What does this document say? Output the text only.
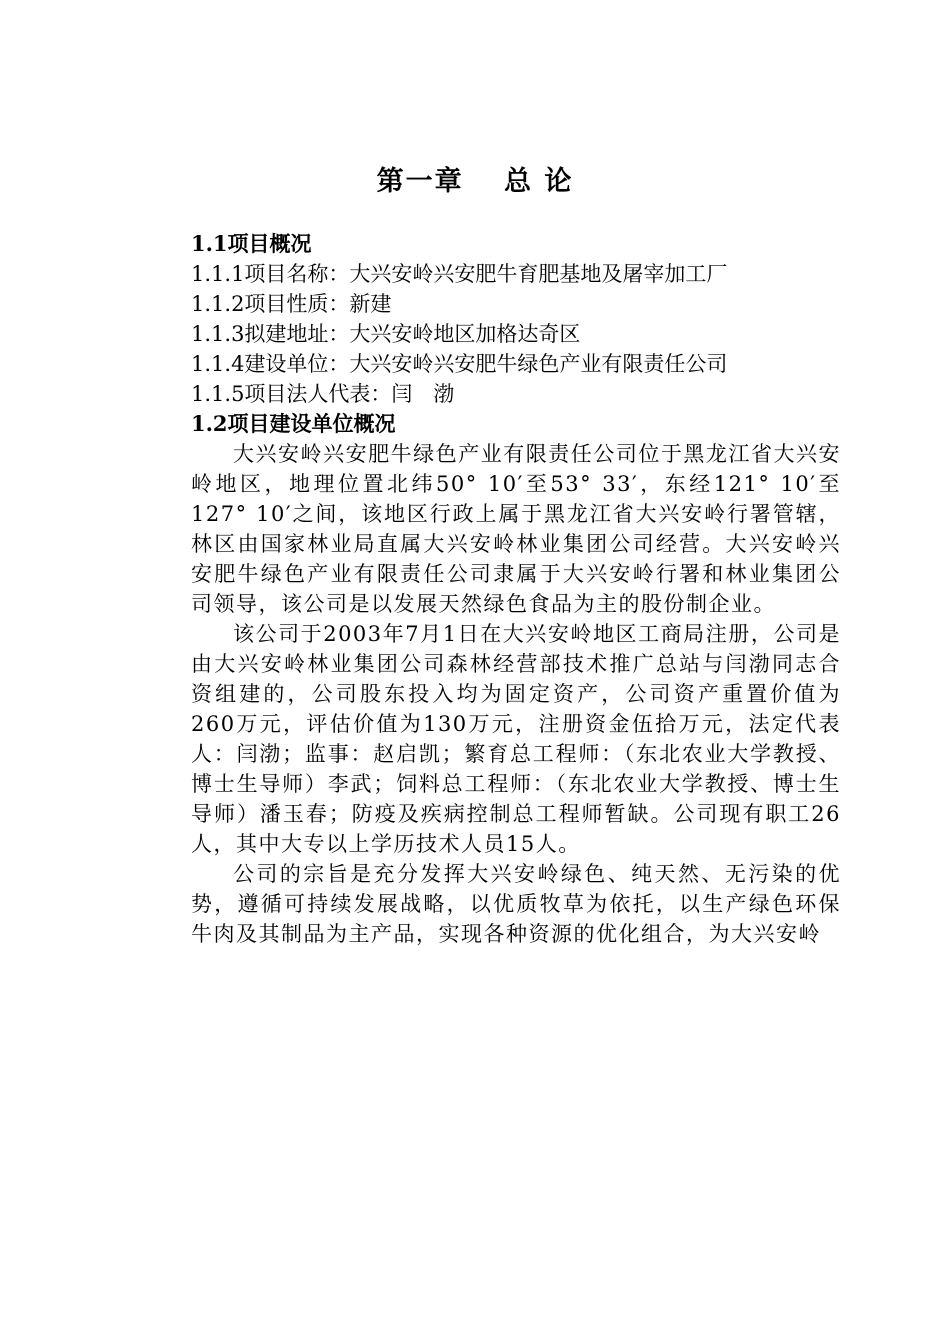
第一章　 总 论

1.1项目概况

1.1.1项目名称：大兴安岭兴安肥牛育肥基地及屠宰加工厂

1.1.2项目性质：新建

1.1.3拟建地址：大兴安岭地区加格达奇区

1.1.4建设单位：大兴安岭兴安肥牛绿色产业有限责任公司

1.1.5项目法人代表：闫　渤

1.2项目建设单位概况

大兴安岭兴安肥牛绿色产业有限责任公司位于黑龙江省大兴安岭地区，地理位置北纬50° 10′至53° 33′，东经121° 10′至127° 10′之间，该地区行政上属于黑龙江省大兴安岭行署管辖，林区由国家林业局直属大兴安岭林业集团公司经营。大兴安岭兴安肥牛绿色产业有限责任公司隶属于大兴安岭行署和林业集团公司领导，该公司是以发展天然绿色食品为主的股份制企业。

该公司于2003年7月1日在大兴安岭地区工商局注册，公司是由大兴安岭林业集团公司森林经营部技术推广总站与闫渤同志合资组建的，公司股东投入均为固定资产，公司资产重置价值为260万元，评估价值为130万元，注册资金伍拾万元，法定代表人：闫渤；监事：赵启凯；繁育总工程师：（东北农业大学教授、博士生导师）李武；饲料总工程师：（东北农业大学教授、博士生导师）潘玉春；防疫及疾病控制总工程师暂缺。公司现有职工26人，其中大专以上学历技术人员15人。

公司的宗旨是充分发挥大兴安岭绿色、纯天然、无污染的优势，遵循可持续发展战略，以优质牧草为依托，以生产绿色环保牛肉及其制品为主产品，实现各种资源的优化组合，为大兴安岭
